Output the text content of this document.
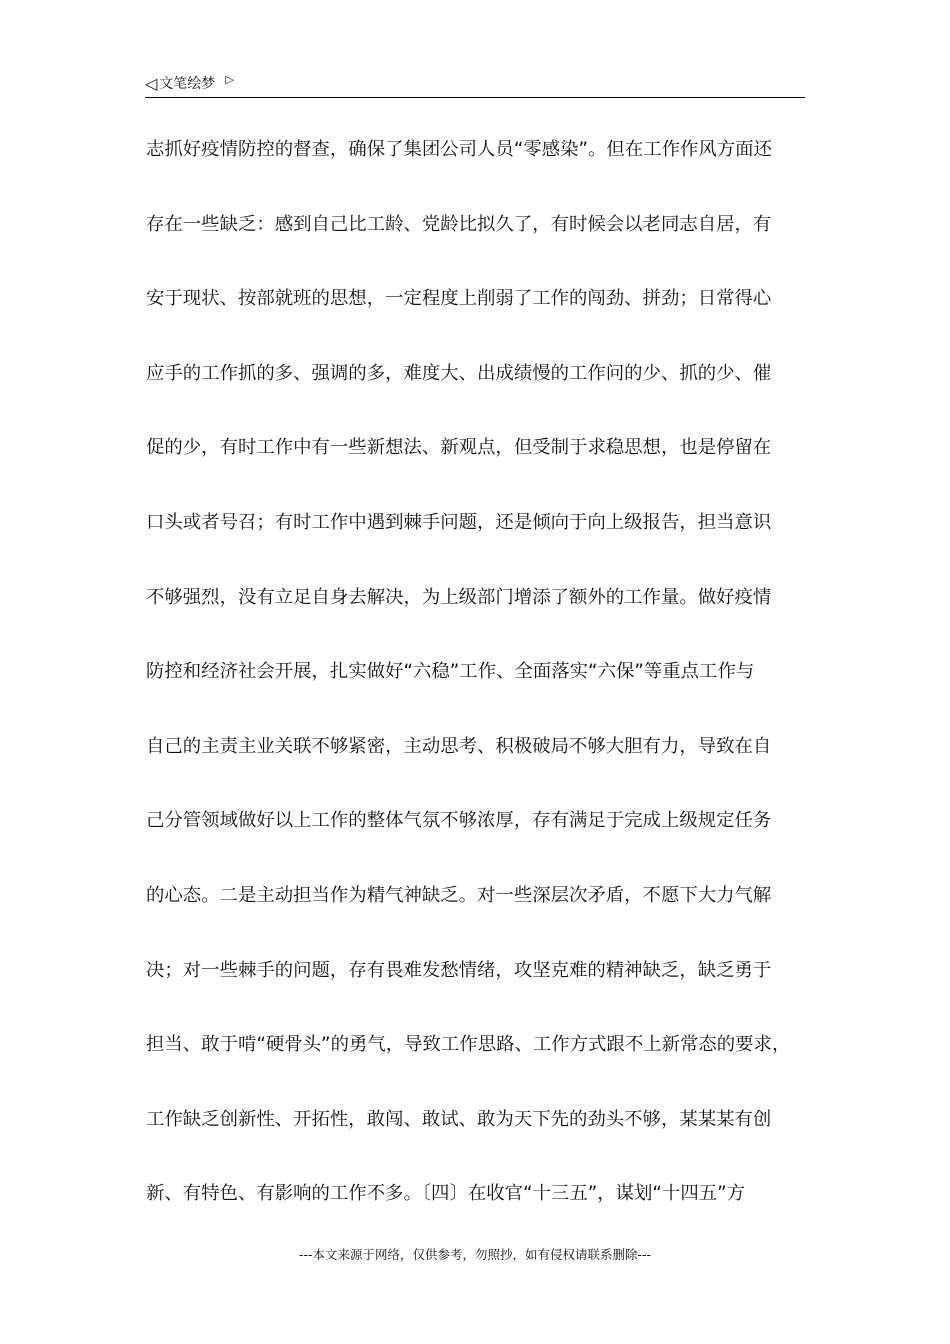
◁ 文笔绘梦 ▷
志抓好疫情防控的督查，确保了集团公司人员“零感染”。但在工作作风方面还
存在一些缺乏：感到自己比工龄、党龄比拟久了，有时候会以老同志自居，有
安于现状、按部就班的思想，一定程度上削弱了工作的闯劲、拼劲；日常得心
应手的工作抓的多、强调的多，难度大、出成绩慢的工作问的少、抓的少、催
促的少，有时工作中有一些新想法、新观点，但受制于求稳思想，也是停留在
口头或者号召；有时工作中遇到棘手问题，还是倾向于向上级报告，担当意识
不够强烈，没有立足自身去解决，为上级部门增添了额外的工作量。做好疫情
防控和经济社会开展，扎实做好“六稳”工作、全面落实“六保”等重点工作与
自己的主责主业关联不够紧密，主动思考、积极破局不够大胆有力，导致在自
己分管领域做好以上工作的整体气氛不够浓厚，存有满足于完成上级规定任务
的心态。二是主动担当作为精气神缺乏。对一些深层次矛盾，不愿下大力气解
决；对一些棘手的问题，存有畏难发愁情绪，攻坚克难的精神缺乏，缺乏勇于
担当、敢于啃“硬骨头”的勇气，导致工作思路、工作方式跟不上新常态的要求，
工作缺乏创新性、开拓性，敢闯、敢试、敢为天下先的劲头不够，某某某有创
新、有特色、有影响的工作不多。〔四〕在收官“十三五”，谋划“十四五”方
---本文来源于网络，仅供参考，勿照抄，如有侵权请联系删除---
